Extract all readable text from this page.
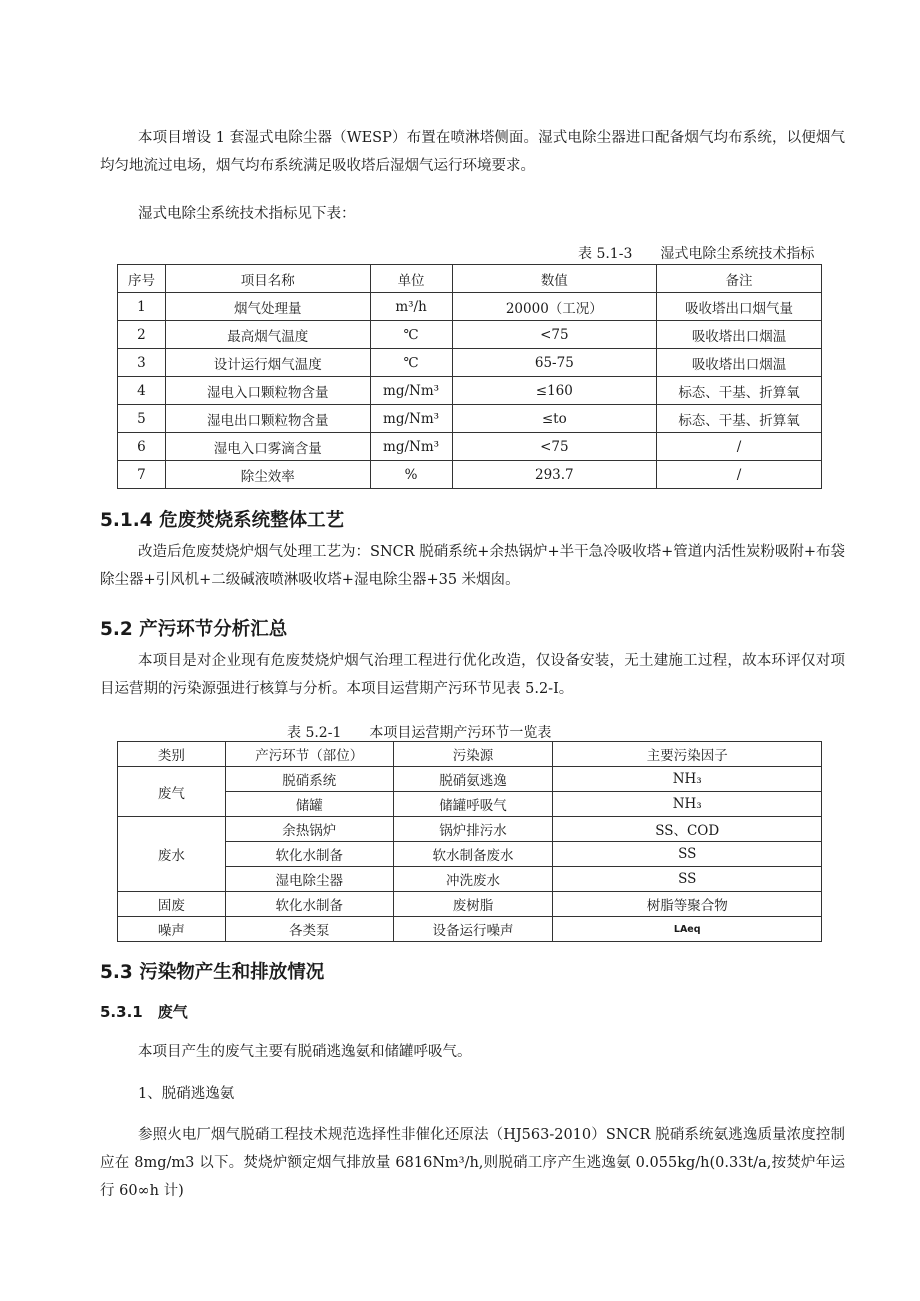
本项目增设 1 套湿式电除尘器（WESP）布置在喷淋塔侧面。湿式电除尘器进口配备烟气均布系统，以便烟气均匀地流过电场，烟气均布系统满足吸收塔后湿烟气运行环境要求。
湿式电除尘系统技术指标见下表：
表 5.1-3　　湿式电除尘系统技术指标
序号	项目名称	单位	数值	备注
1	烟气处理量	m³/h	20000（工况）	吸收塔出口烟气量
2	最高烟气温度	℃	<75	吸收塔出口烟温
3	设计运行烟气温度	℃	65-75	吸收塔出口烟温
4	湿电入口颗粒物含量	mg/Nm³	≤160	标态、干基、折算氧
5	湿电出口颗粒物含量	mg/Nm³	≤to	标态、干基、折算氧
6	湿电入口雾滴含量	mg/Nm³	<75	/
7	除尘效率	%	293.7	/
5.1.4 危废焚烧系统整体工艺
改造后危废焚烧炉烟气处理工艺为：SNCR 脱硝系统+余热锅炉+半干急冷吸收塔+管道内活性炭粉吸附+布袋除尘器+引风机+二级碱液喷淋吸收塔+湿电除尘器+35 米烟囱。
5.2 产污环节分析汇总
本项目是对企业现有危废焚烧炉烟气治理工程进行优化改造，仅设备安装，无土建施工过程，故本环评仅对项目运营期的污染源强进行核算与分析。本项目运营期产污环节见表 5.2-I。
表 5.2-1　　本项目运营期产污环节一览表
类别	产污环节（部位）	污染源	主要污染因子
废气	脱硝系统	脱硝氨逃逸	NH₃
	储罐	储罐呼吸气	NH₃
废水	余热锅炉	锅炉排污水	SS、COD
	软化水制备	软水制备废水	SS
	湿电除尘器	冲洗废水	SS
固废	软化水制备	废树脂	树脂等聚合物
噪声	各类泵	设备运行噪声	LAeq
5.3 污染物产生和排放情况
5.3.1　废气
本项目产生的废气主要有脱硝逃逸氨和储罐呼吸气。
1、脱硝逃逸氨
参照火电厂烟气脱硝工程技术规范选择性非催化还原法（HJ563-2010）SNCR 脱硝系统氨逃逸质量浓度控制应在 8mg/m3 以下。焚烧炉额定烟气排放量 6816Nm³/h,则脱硝工序产生逃逸氨 0.055kg/h(0.33t/a,按焚炉年运行 60∞h 计)
